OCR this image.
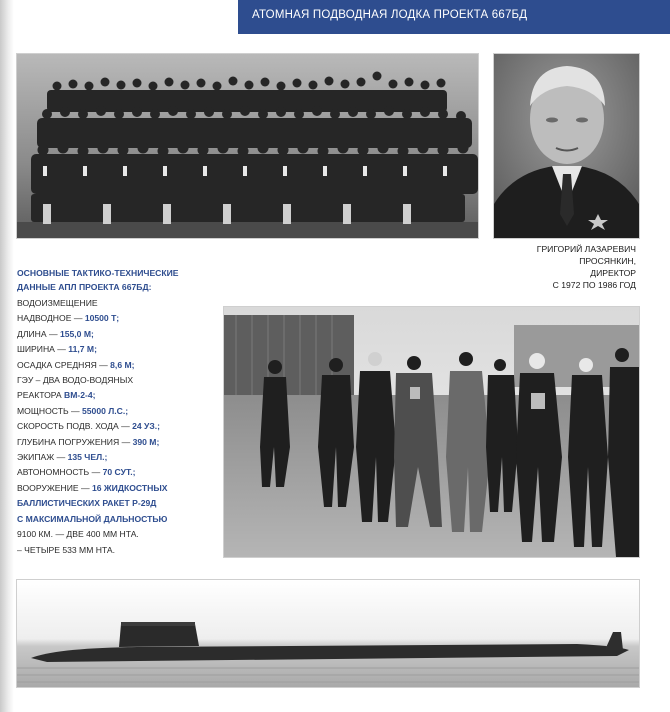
АТОМНАЯ ПОДВОДНАЯ ЛОДКА ПРОЕКТА 667БД
ГРИГОРИЙ ЛАЗАРЕВИЧ
ПРОСЯНКИН,
ДИРЕКТОР
С 1972 ПО 1986 ГОД
ОСНОВНЫЕ ТАКТИКО-ТЕХНИЧЕСКИЕ
ДАННЫЕ АПЛ ПРОЕКТА 667БД:
ВОДОИЗМЕЩЕНИЕ
НАДВОДНОЕ — 10500 Т;
ДЛИНА — 155,0 М;
ШИРИНА — 11,7 М;
ОСАДКА СРЕДНЯЯ — 8,6 М;
ГЭУ – ДВА ВОДО-ВОДЯНЫХ
РЕАКТОРА ВМ-2-4;
МОЩНОСТЬ — 55000 Л.С.;
СКОРОСТЬ ПОДВ. ХОДА — 24 УЗ.;
ГЛУБИНА ПОГРУЖЕНИЯ — 390 М;
ЭКИПАЖ — 135 ЧЕЛ.;
АВТОНОМНОСТЬ — 70 СУТ.;
ВООРУЖЕНИЕ — 16 ЖИДКОСТНЫХ
БАЛЛИСТИЧЕСКИХ РАКЕТ Р-29Д
С МАКСИМАЛЬНОЙ ДАЛЬНОСТЬЮ
9100 КМ. — ДВЕ 400 ММ НТА.
– ЧЕТЫРЕ 533 ММ НТА.
